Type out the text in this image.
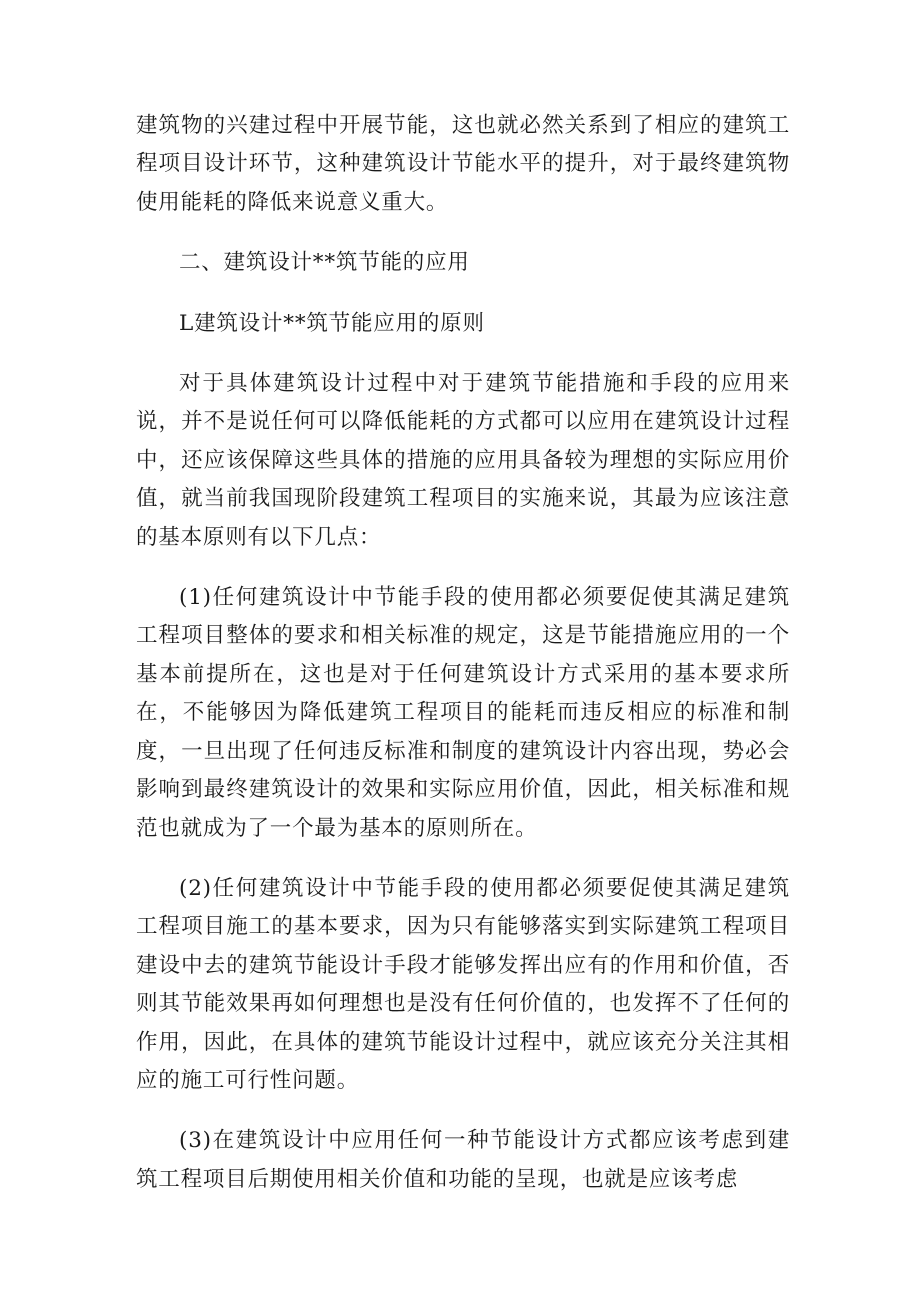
建筑物的兴建过程中开展节能，这也就必然关系到了相应的建筑工程项目设计环节，这种建筑设计节能水平的提升，对于最终建筑物使用能耗的降低来说意义重大。

二、建筑设计**筑节能的应用

L建筑设计**筑节能应用的原则

对于具体建筑设计过程中对于建筑节能措施和手段的应用来说，并不是说任何可以降低能耗的方式都可以应用在建筑设计过程中，还应该保障这些具体的措施的应用具备较为理想的实际应用价值，就当前我国现阶段建筑工程项目的实施来说，其最为应该注意的基本原则有以下几点：

(1)任何建筑设计中节能手段的使用都必须要促使其满足建筑工程项目整体的要求和相关标准的规定，这是节能措施应用的一个基本前提所在，这也是对于任何建筑设计方式采用的基本要求所在，不能够因为降低建筑工程项目的能耗而违反相应的标准和制度，一旦出现了任何违反标准和制度的建筑设计内容出现，势必会影响到最终建筑设计的效果和实际应用价值，因此，相关标准和规范也就成为了一个最为基本的原则所在。

(2)任何建筑设计中节能手段的使用都必须要促使其满足建筑工程项目施工的基本要求，因为只有能够落实到实际建筑工程项目建设中去的建筑节能设计手段才能够发挥出应有的作用和价值，否则其节能效果再如何理想也是没有任何价值的，也发挥不了任何的作用，因此，在具体的建筑节能设计过程中，就应该充分关注其相应的施工可行性问题。

(3)在建筑设计中应用任何一种节能设计方式都应该考虑到建筑工程项目后期使用相关价值和功能的呈现，也就是应该考虑
